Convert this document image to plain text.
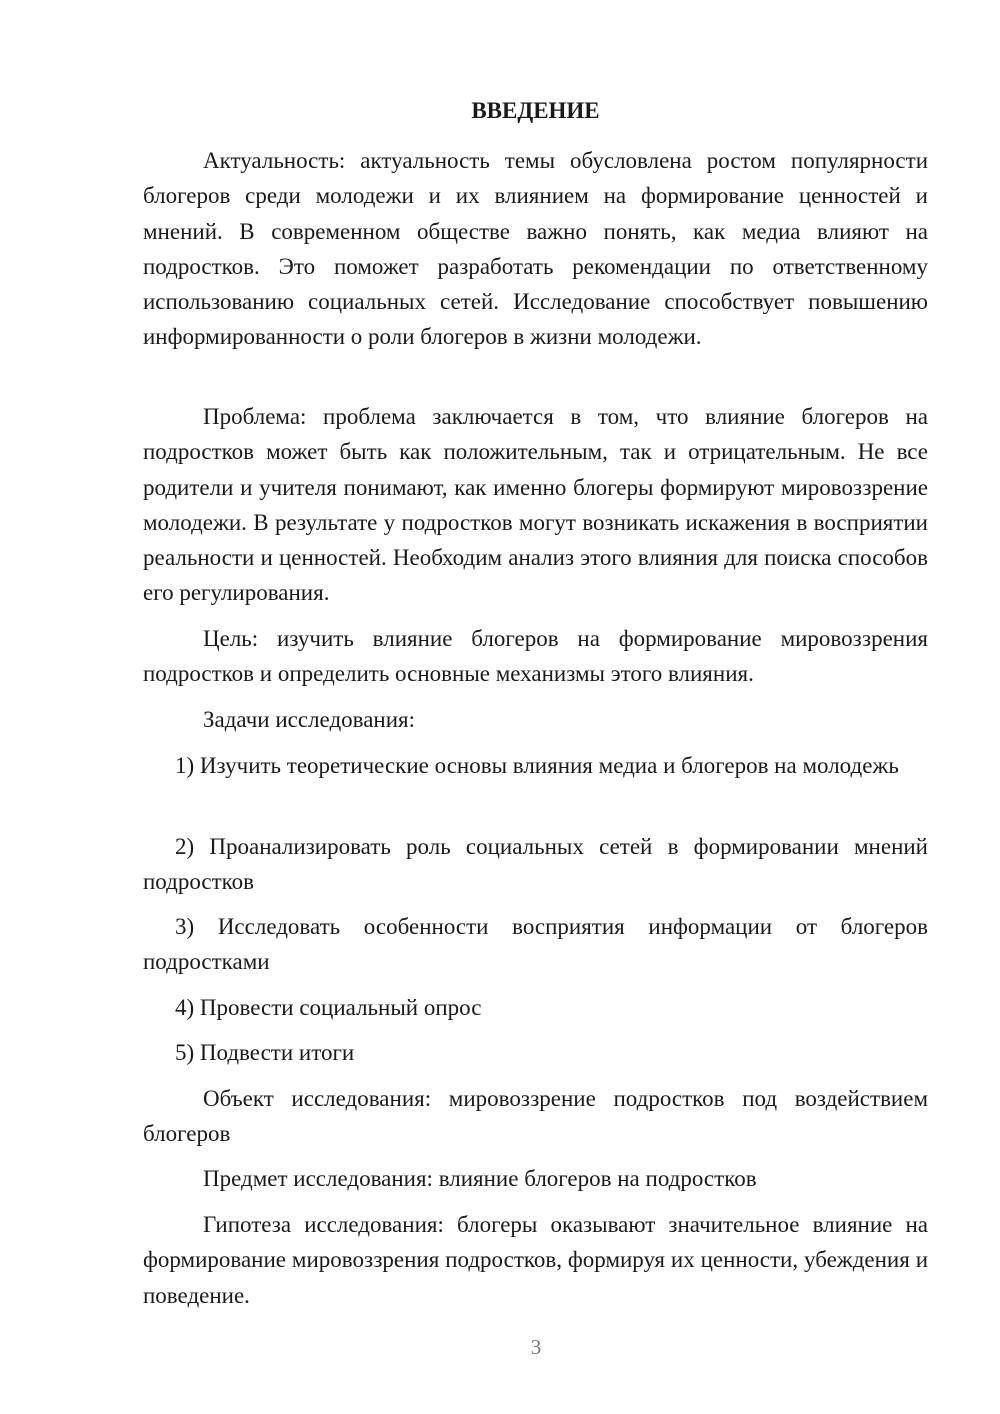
ВВЕДЕНИЕ

Актуальность: актуальность темы обусловлена ростом популярности блогеров среди молодежи и их влиянием на формирование ценностей и мнений. В современном обществе важно понять, как медиа влияют на подростков. Это поможет разработать рекомендации по ответственному использованию социальных сетей. Исследование способствует повышению информированности о роли блогеров в жизни молодежи.

Проблема: проблема заключается в том, что влияние блогеров на подростков может быть как положительным, так и отрицательным. Не все родители и учителя понимают, как именно блогеры формируют мировоззрение молодежи. В результате у подростков могут возникать искажения в восприятии реальности и ценностей. Необходим анализ этого влияния для поиска способов его регулирования.

Цель: изучить влияние блогеров на формирование мировоззрения подростков и определить основные механизмы этого влияния.

Задачи исследования:

1) Изучить теоретические основы влияния медиа и блогеров на молодежь

2) Проанализировать роль социальных сетей в формировании мнений подростков

3) Исследовать особенности восприятия информации от блогеров подростками

4) Провести социальный опрос

5) Подвести итоги

Объект исследования: мировоззрение подростков под воздействием блогеров

Предмет исследования: влияние блогеров на подростков

Гипотеза исследования: блогеры оказывают значительное влияние на формирование мировоззрения подростков, формируя их ценности, убеждения и поведение.

3
